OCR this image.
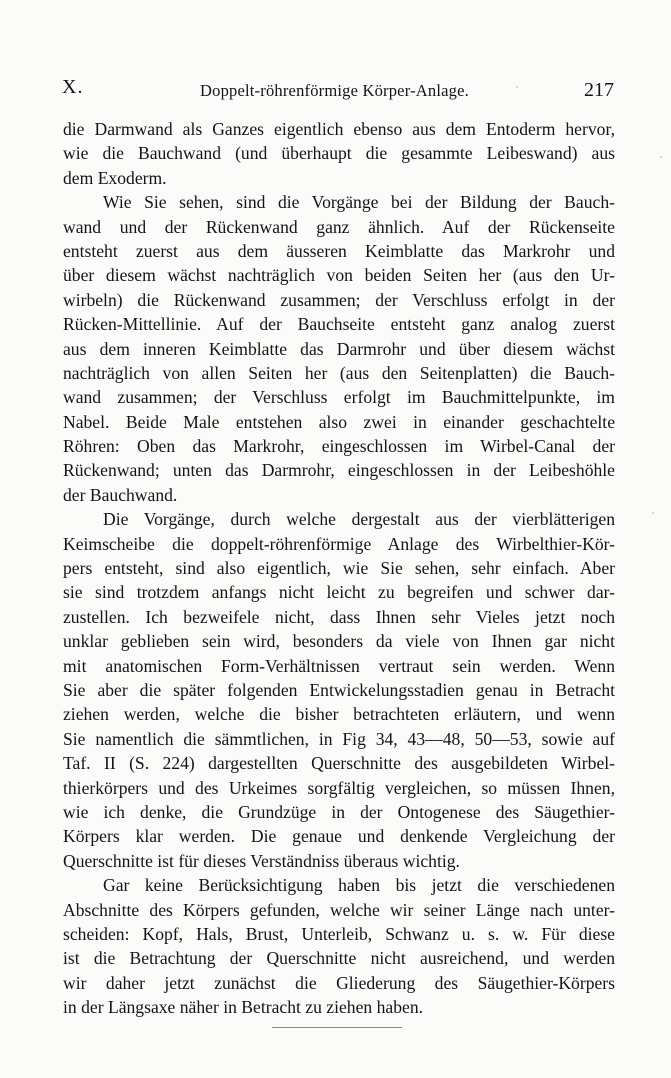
X.	Doppelt-röhrenförmige Körper-Anlage.	217
die Darmwand als Ganzes eigentlich ebenso aus dem Entoderm hervor,
wie die Bauchwand (und überhaupt die gesammte Leibeswand) aus
dem Exoderm.
Wie Sie sehen, sind die Vorgänge bei der Bildung der Bauch-
wand und der Rückenwand ganz ähnlich. Auf der Rückenseite
entsteht zuerst aus dem äusseren Keimblatte das Markrohr und
über diesem wächst nachträglich von beiden Seiten her (aus den Ur-
wirbeln) die Rückenwand zusammen; der Verschluss erfolgt in der
Rücken-Mittellinie. Auf der Bauchseite entsteht ganz analog zuerst
aus dem inneren Keimblatte das Darmrohr und über diesem wächst
nachträglich von allen Seiten her (aus den Seitenplatten) die Bauch-
wand zusammen; der Verschluss erfolgt im Bauchmittelpunkte, im
Nabel. Beide Male entstehen also zwei in einander geschachtelte
Röhren: Oben das Markrohr, eingeschlossen im Wirbel-Canal der
Rückenwand; unten das Darmrohr, eingeschlossen in der Leibeshöhle
der Bauchwand.
Die Vorgänge, durch welche dergestalt aus der vierblätterigen
Keimscheibe die doppelt-röhrenförmige Anlage des Wirbelthier-Kör-
pers entsteht, sind also eigentlich, wie Sie sehen, sehr einfach. Aber
sie sind trotzdem anfangs nicht leicht zu begreifen und schwer dar-
zustellen. Ich bezweifele nicht, dass Ihnen sehr Vieles jetzt noch
unklar geblieben sein wird, besonders da viele von Ihnen gar nicht
mit anatomischen Form-Verhältnissen vertraut sein werden. Wenn
Sie aber die später folgenden Entwickelungsstadien genau in Betracht
ziehen werden, welche die bisher betrachteten erläutern, und wenn
Sie namentlich die sämmtlichen, in Fig 34, 43—48, 50—53, sowie auf
Taf. II (S. 224) dargestellten Querschnitte des ausgebildeten Wirbel-
thierkörpers und des Urkeimes sorgfältig vergleichen, so müssen Ihnen,
wie ich denke, die Grundzüge in der Ontogenese des Säugethier-
Körpers klar werden. Die genaue und denkende Vergleichung der
Querschnitte ist für dieses Verständniss überaus wichtig.
Gar keine Berücksichtigung haben bis jetzt die verschiedenen
Abschnitte des Körpers gefunden, welche wir seiner Länge nach unter-
scheiden: Kopf, Hals, Brust, Unterleib, Schwanz u. s. w. Für diese
ist die Betrachtung der Querschnitte nicht ausreichend, und werden
wir daher jetzt zunächst die Gliederung des Säugethier-Körpers
in der Längsaxe näher in Betracht zu ziehen haben.
